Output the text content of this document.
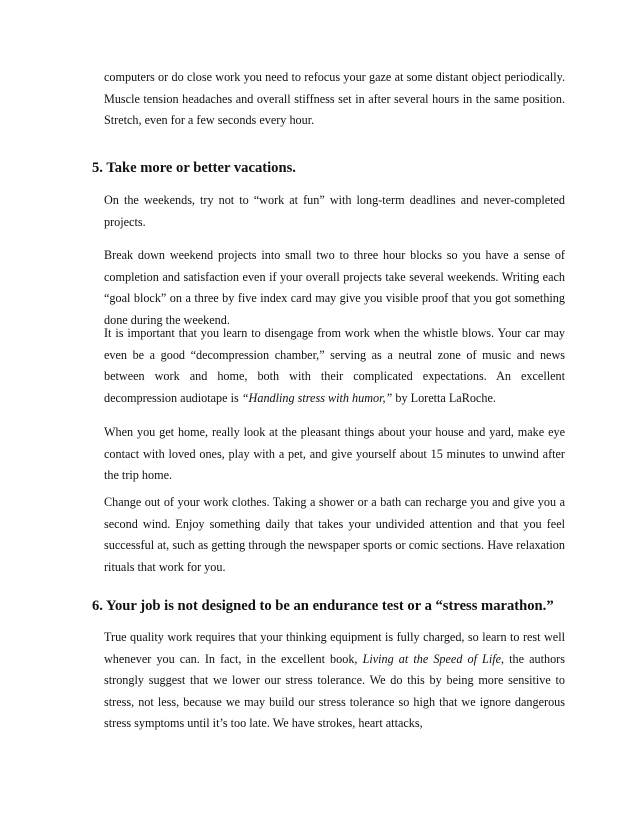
computers or do close work you need to refocus your gaze at some distant object periodically. Muscle tension headaches and overall stiffness set in after several hours in the same position. Stretch, even for a few seconds every hour.

5. Take more or better vacations.

On the weekends, try not to “work at fun” with long-term deadlines and never-completed projects.

Break down weekend projects into small two to three hour blocks so you have a sense of completion and satisfaction even if your overall projects take several weekends. Writing each “goal block” on a three by five index card may give you visible proof that you got something done during the weekend.

It is important that you learn to disengage from work when the whistle blows. Your car may even be a good “decompression chamber,” serving as a neutral zone of music and news between work and home, both with their complicated expectations. An excellent decompression audiotape is “Handling stress with humor,” by Loretta LaRoche.

When you get home, really look at the pleasant things about your house and yard, make eye contact with loved ones, play with a pet, and give yourself about 15 minutes to unwind after the trip home.

Change out of your work clothes. Taking a shower or a bath can recharge you and give you a second wind. Enjoy something daily that takes your undivided attention and that you feel successful at, such as getting through the newspaper sports or comic sections. Have relaxation rituals that work for you.

6. Your job is not designed to be an endurance test or a “stress marathon.”

True quality work requires that your thinking equipment is fully charged, so learn to rest well whenever you can. In fact, in the excellent book, Living at the Speed of Life, the authors strongly suggest that we lower our stress tolerance. We do this by being more sensitive to stress, not less, because we may build our stress tolerance so high that we ignore dangerous stress symptoms until it’s too late. We have strokes, heart attacks,
